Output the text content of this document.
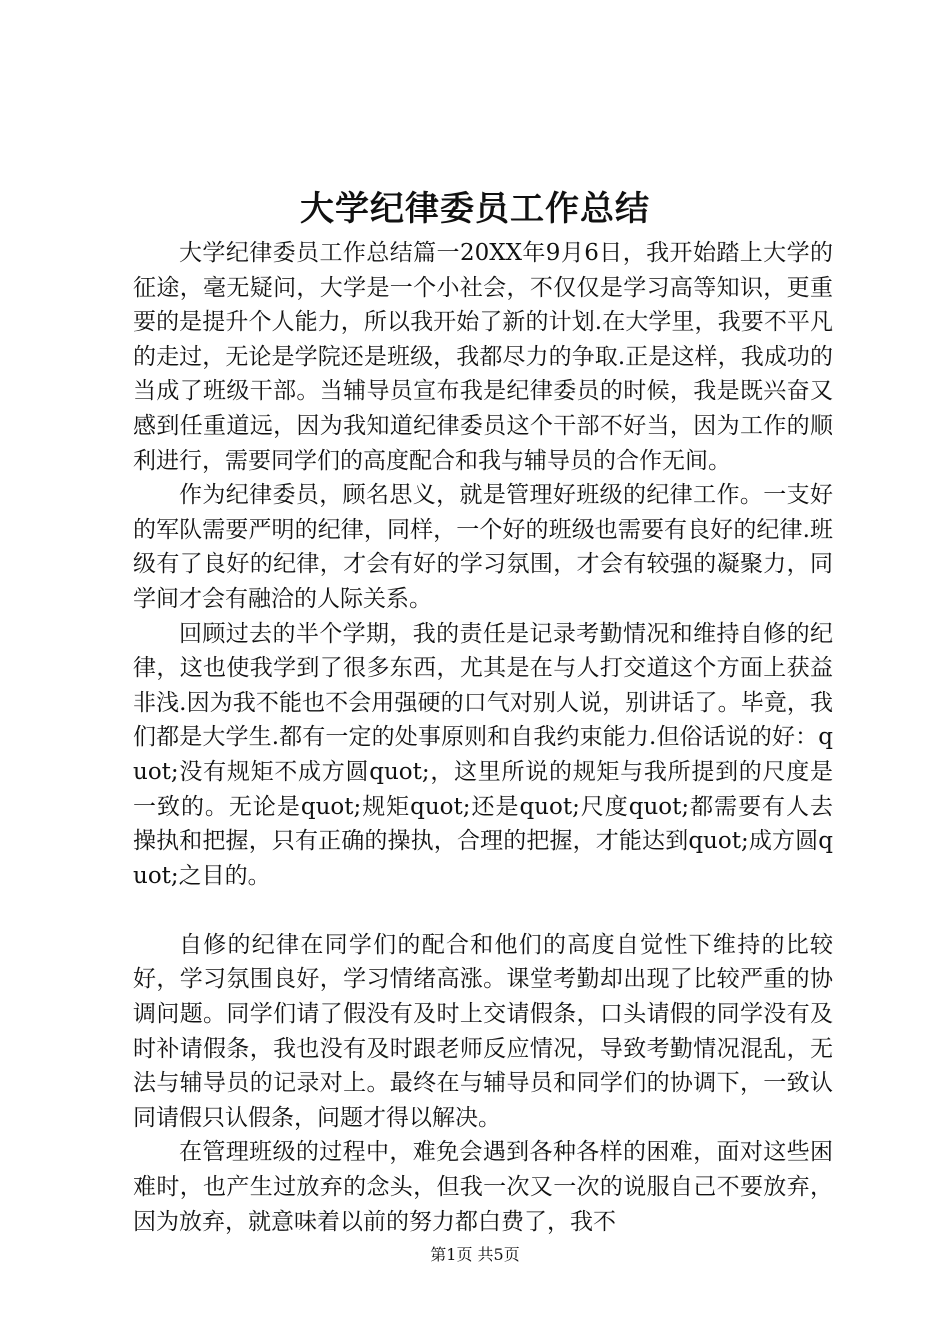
大学纪律委员工作总结

大学纪律委员工作总结篇一20XX年9月6日，我开始踏上大学的征途，毫无疑问，大学是一个小社会，不仅仅是学习高等知识，更重要的是提升个人能力，所以我开始了新的计划.在大学里，我要不平凡的走过，无论是学院还是班级，我都尽力的争取.正是这样，我成功的当成了班级干部。当辅导员宣布我是纪律委员的时候，我是既兴奋又感到任重道远，因为我知道纪律委员这个干部不好当，因为工作的顺利进行，需要同学们的高度配合和我与辅导员的合作无间。

作为纪律委员，顾名思义，就是管理好班级的纪律工作。一支好的军队需要严明的纪律，同样，一个好的班级也需要有良好的纪律.班级有了良好的纪律，才会有好的学习氛围，才会有较强的凝聚力，同学间才会有融洽的人际关系。

回顾过去的半个学期，我的责任是记录考勤情况和维持自修的纪律，这也使我学到了很多东西，尤其是在与人打交道这个方面上获益非浅.因为我不能也不会用强硬的口气对别人说，别讲话了。毕竟，我们都是大学生.都有一定的处事原则和自我约束能力.但俗话说的好：quot;没有规矩不成方圆quot;，这里所说的规矩与我所提到的尺度是一致的。无论是quot;规矩quot;还是quot;尺度quot;都需要有人去操执和把握，只有正确的操执，合理的把握，才能达到quot;成方圆quot;之目的。

自修的纪律在同学们的配合和他们的高度自觉性下维持的比较好，学习氛围良好，学习情绪高涨。课堂考勤却出现了比较严重的协调问题。同学们请了假没有及时上交请假条，口头请假的同学没有及时补请假条，我也没有及时跟老师反应情况，导致考勤情况混乱，无法与辅导员的记录对上。最终在与辅导员和同学们的协调下，一致认同请假只认假条，问题才得以解决。

在管理班级的过程中，难免会遇到各种各样的困难，面对这些困难时，也产生过放弃的念头，但我一次又一次的说服自己不要放弃，因为放弃，就意味着以前的努力都白费了，我不

第1页 共5页
